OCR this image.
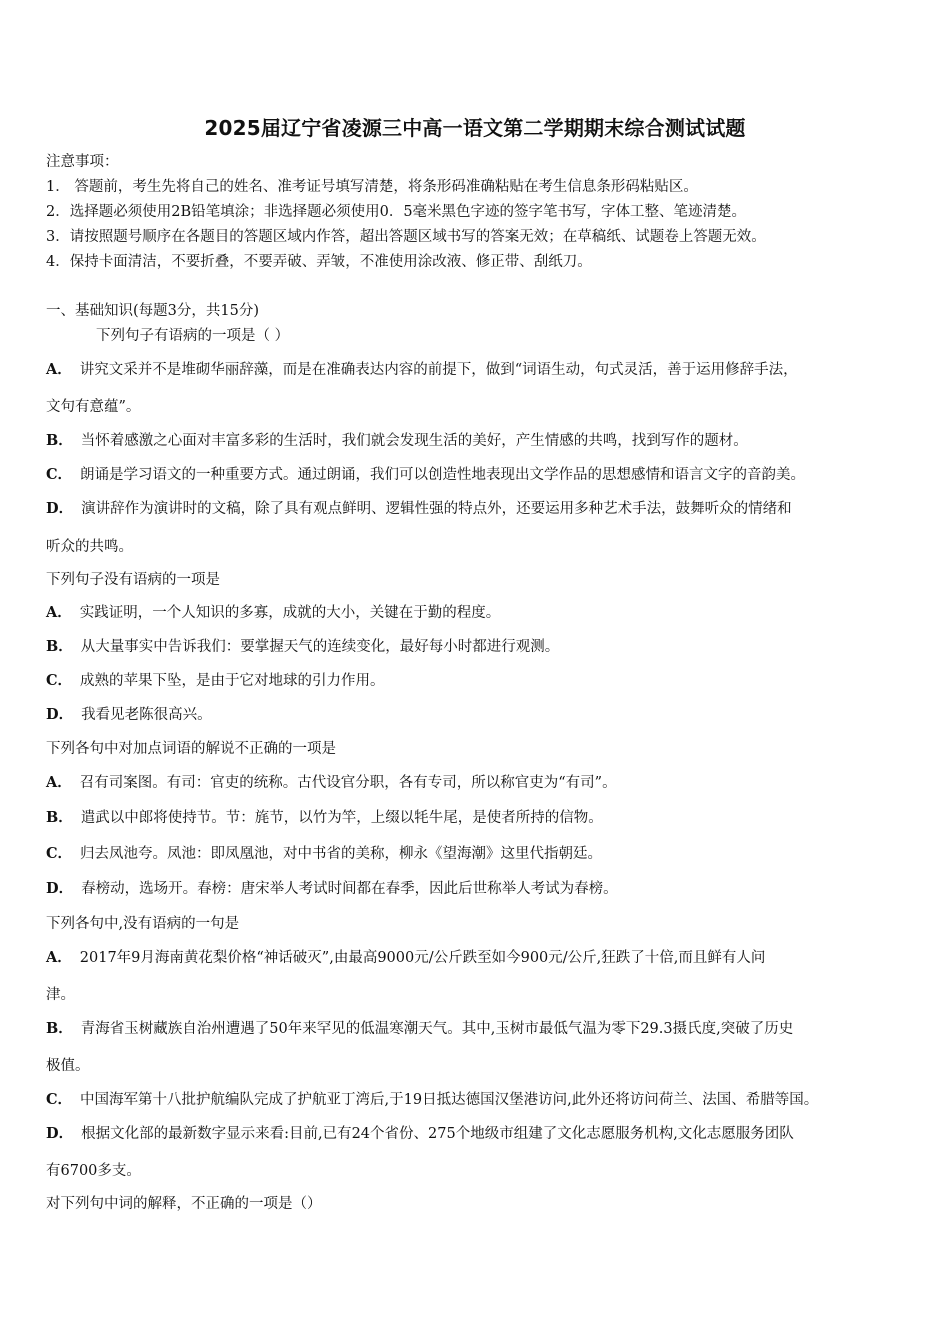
2025届辽宁省凌源三中高一语文第二学期期末综合测试试题
注意事项：
1． 答题前，考生先将自己的姓名、准考证号填写清楚，将条形码准确粘贴在考生信息条形码粘贴区。
2．选择题必须使用2B铅笔填涂；非选择题必须使用0．5毫米黑色字迹的签字笔书写，字体工整、笔迹清楚。
3．请按照题号顺序在各题目的答题区域内作答，超出答题区域书写的答案无效；在草稿纸、试题卷上答题无效。
4．保持卡面清洁，不要折叠，不要弄破、弄皱，不准使用涂改液、修正带、刮纸刀。
一、基础知识(每题3分，共15分)
下列句子有语病的一项是（ ）
A． 讲究文采并不是堆砌华丽辞藻，而是在准确表达内容的前提下，做到“词语生动，句式灵活，善于运用修辞手法，
文句有意蕴”。
B． 当怀着感激之心面对丰富多彩的生活时，我们就会发现生活的美好，产生情感的共鸣，找到写作的题材。
C． 朗诵是学习语文的一种重要方式。通过朗诵，我们可以创造性地表现出文学作品的思想感情和语言文字的音韵美。
D． 演讲辞作为演讲时的文稿，除了具有观点鲜明、逻辑性强的特点外，还要运用多种艺术手法，鼓舞听众的情绪和
听众的共鸣。
下列句子没有语病的一项是
A． 实践证明，一个人知识的多寡，成就的大小，关键在于勤的程度。
B． 从大量事实中告诉我们：要掌握天气的连续变化，最好每小时都进行观测。
C． 成熟的苹果下坠，是由于它对地球的引力作用。
D． 我看见老陈很高兴。
下列各句中对加点词语的解说不正确的一项是
A． 召有司案图。有司：官吏的统称。古代设官分职，各有专司，所以称官吏为“有司”。
B． 遣武以中郎将使持节。节：旄节，以竹为竿，上缀以牦牛尾，是使者所持的信物。
C． 归去凤池夸。凤池：即凤凰池，对中书省的美称，柳永《望海潮》这里代指朝廷。
D． 春榜动，选场开。春榜：唐宋举人考试时间都在春季，因此后世称举人考试为春榜。
下列各句中,没有语病的一句是
A． 2017年9月海南黄花梨价格“神话破灭”,由最高9000元/公斤跌至如今900元/公斤,狂跌了十倍,而且鲜有人问
津。
B． 青海省玉树藏族自治州遭遇了50年来罕见的低温寒潮天气。其中,玉树市最低气温为零下29.3摄氏度,突破了历史
极值。
C． 中国海军第十八批护航编队完成了护航亚丁湾后,于19日抵达德国汉堡港访问,此外还将访问荷兰、法国、希腊等国。
D． 根据文化部的最新数字显示来看:目前,已有24个省份、275个地级市组建了文化志愿服务机构,文化志愿服务团队
有6700多支。
对下列句中词的解释，不正确的一项是（）
